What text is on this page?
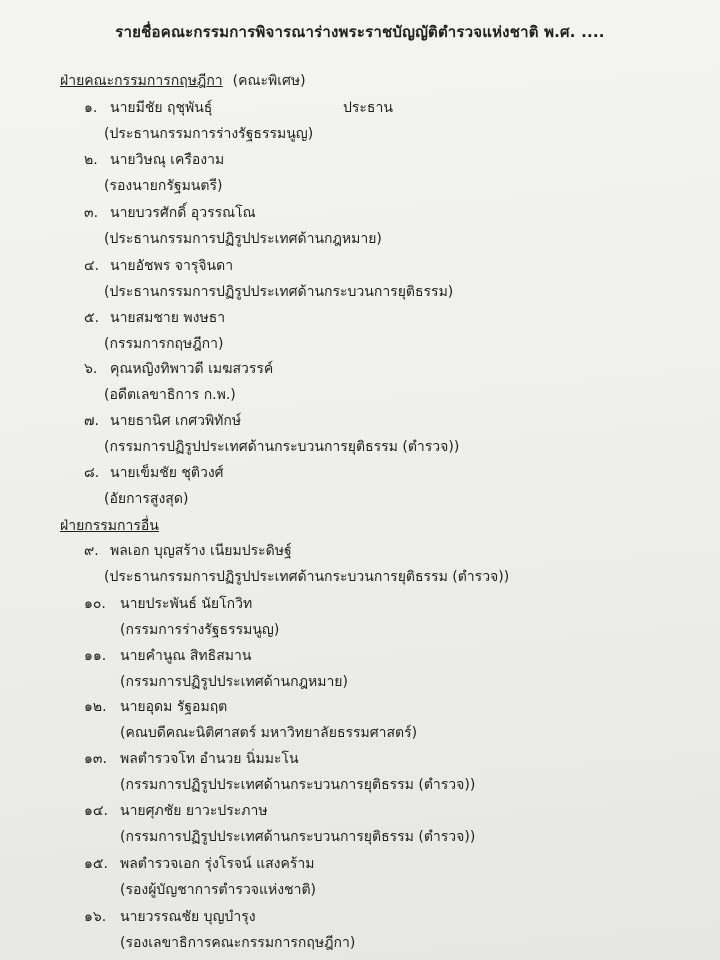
รายชื่อคณะกรรมการพิจารณาร่างพระราชบัญญัติตำรวจแห่งชาติ พ.ศ. ....
ฝ่ายคณะกรรมการกฤษฎีกา (คณะพิเศษ)
๑. นายมีชัย ฤชุพันธุ์	ประธาน
(ประธานกรรมการร่างรัฐธรรมนูญ)
๒. นายวิษณุ เครืองาม
(รองนายกรัฐมนตรี)
๓. นายบวรศักดิ์ อุวรรณโณ
(ประธานกรรมการปฏิรูปประเทศด้านกฎหมาย)
๔. นายอัชพร จารุจินดา
(ประธานกรรมการปฏิรูปประเทศด้านกระบวนการยุติธรรม)
๕. นายสมชาย พงษธา
(กรรมการกฤษฎีกา)
๖. คุณหญิงทิพาวดี เมฆสวรรค์
(อดีตเลขาธิการ ก.พ.)
๗. นายธานิศ เกศวพิทักษ์
(กรรมการปฏิรูปประเทศด้านกระบวนการยุติธรรม (ตำรวจ))
๘. นายเข็มชัย ชุติวงศ์
(อัยการสูงสุด)
ฝ่ายกรรมการอื่น
๙. พลเอก บุญสร้าง เนียมประดิษฐ์
(ประธานกรรมการปฏิรูปประเทศด้านกระบวนการยุติธรรม (ตำรวจ))
๑๐. นายประพันธ์ นัยโกวิท
(กรรมการร่างรัฐธรรมนูญ)
๑๑. นายคำนูณ สิทธิสมาน
(กรรมการปฏิรูปประเทศด้านกฎหมาย)
๑๒. นายอุดม รัฐอมฤต
(คณบดีคณะนิติศาสตร์ มหาวิทยาลัยธรรมศาสตร์)
๑๓. พลตำรวจโท อำนวย นิ่มมะโน
(กรรมการปฏิรูปประเทศด้านกระบวนการยุติธรรม (ตำรวจ))
๑๔. นายศุภชัย ยาวะประภาษ
(กรรมการปฏิรูปประเทศด้านกระบวนการยุติธรรม (ตำรวจ))
๑๕. พลตำรวจเอก รุ่งโรจน์ แสงคร้าม
(รองผู้บัญชาการตำรวจแห่งชาติ)
๑๖. นายวรรณชัย บุญบำรุง
(รองเลขาธิการคณะกรรมการกฤษฎีกา)
